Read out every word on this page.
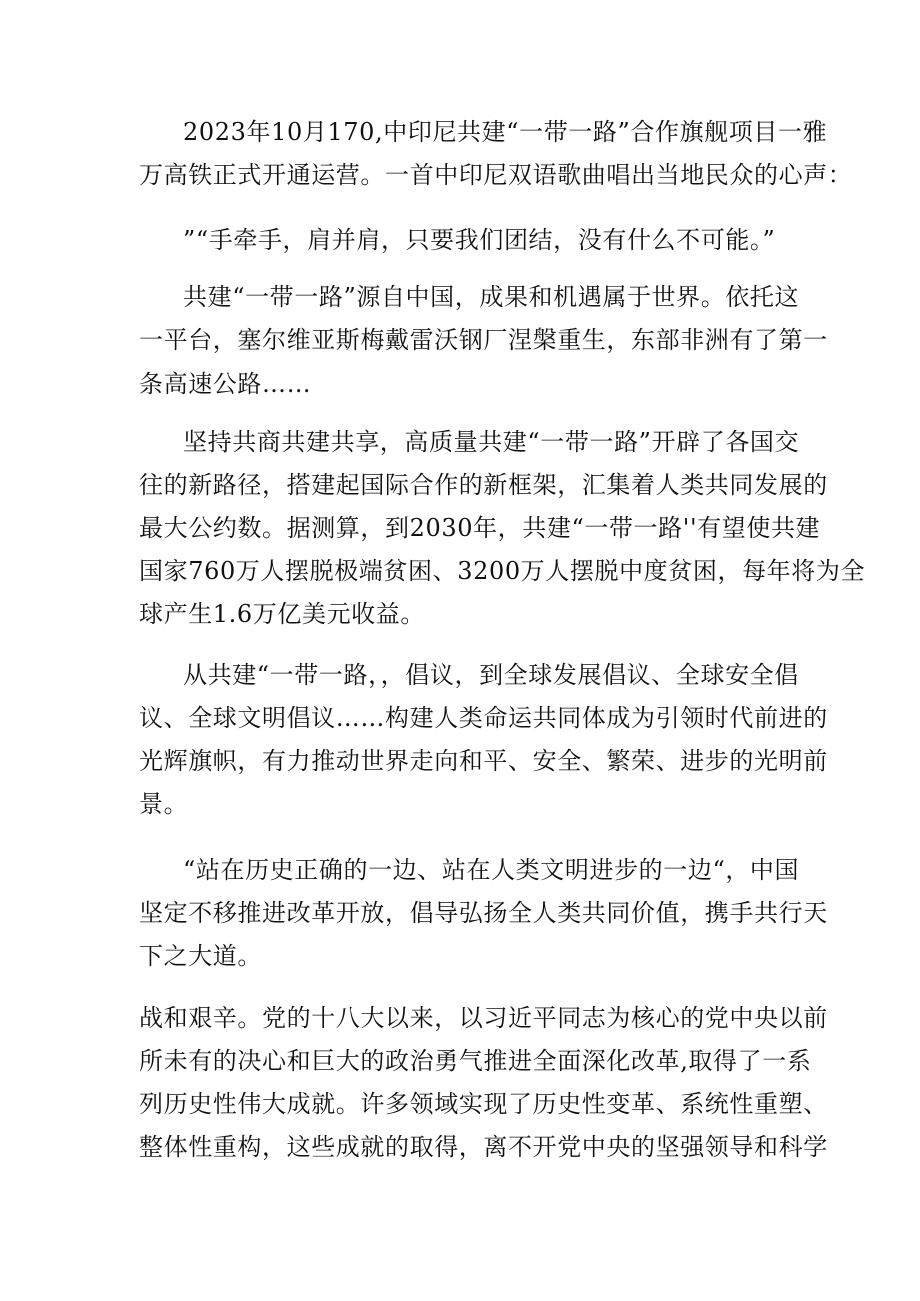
2023年10月170,中印尼共建“一带一路”合作旗舰项目一雅
万高铁正式开通运营。一首中印尼双语歌曲唱出当地民众的心声：
”“手牵手，肩并肩，只要我们团结，没有什么不可能。”
共建“一带一路”源自中国，成果和机遇属于世界。依托这
一平台，塞尔维亚斯梅戴雷沃钢厂涅槃重生，东部非洲有了第一
条高速公路……
坚持共商共建共享，高质量共建“一带一路”开辟了各国交
往的新路径，搭建起国际合作的新框架，汇集着人类共同发展的
最大公约数。据测算，到2030年，共建“一带一路''有望使共建
国家760万人摆脱极端贫困、3200万人摆脱中度贫困，每年将为全
球产生1.6万亿美元收益。
从共建“一带一路，，倡议，到全球发展倡议、全球安全倡
议、全球文明倡议……构建人类命运共同体成为引领时代前进的
光辉旗帜，有力推动世界走向和平、安全、繁荣、进步的光明前
景。
“站在历史正确的一边、站在人类文明进步的一边“，中国
坚定不移推进改革开放，倡导弘扬全人类共同价值，携手共行天
下之大道。
战和艰辛。党的十八大以来，以习近平同志为核心的党中央以前
所未有的决心和巨大的政治勇气推进全面深化改革,取得了一系
列历史性伟大成就。许多领域实现了历史性变革、系统性重塑、
整体性重构，这些成就的取得，离不开党中央的坚强领导和科学
